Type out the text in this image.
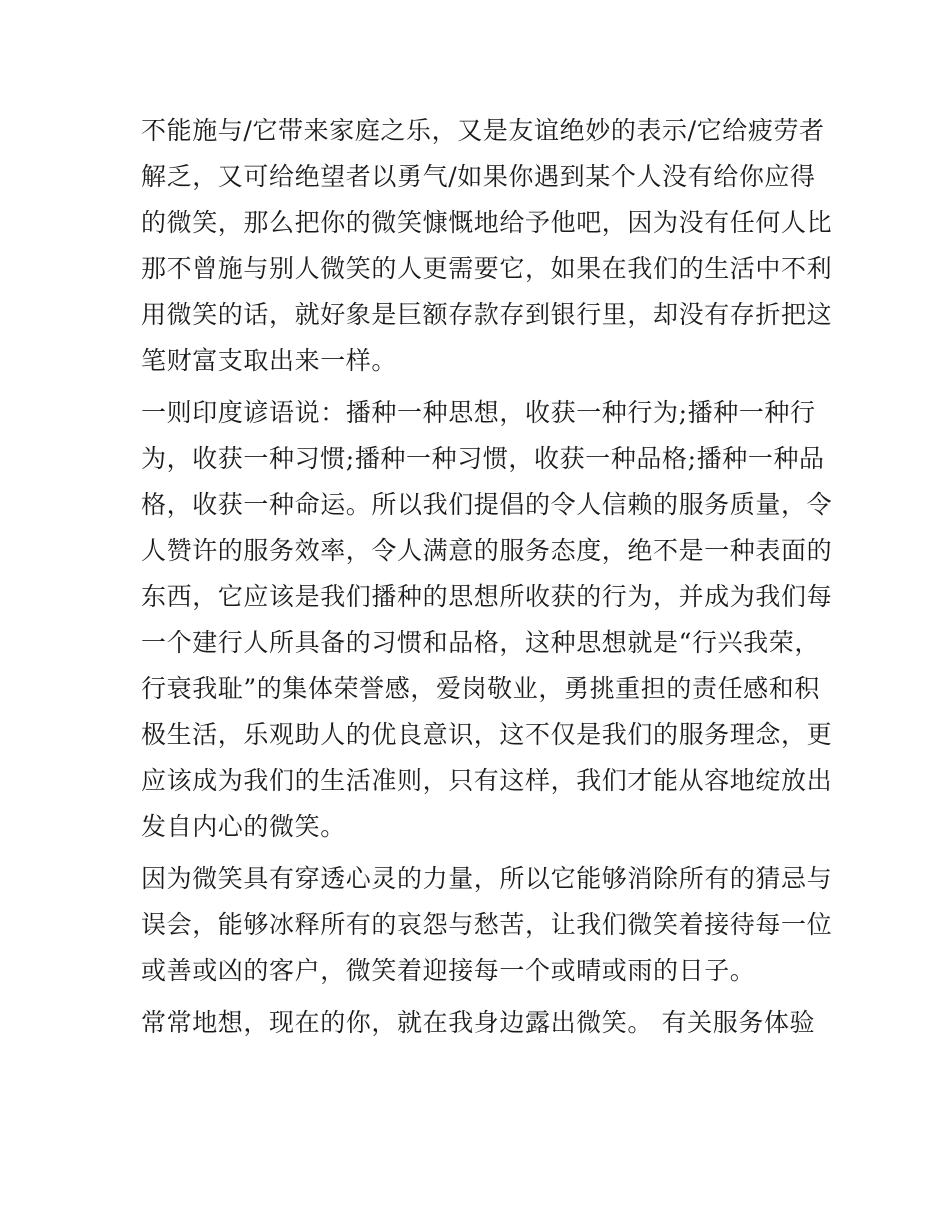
不能施与/它带来家庭之乐，又是友谊绝妙的表示/它给疲劳者
解乏，又可给绝望者以勇气/如果你遇到某个人没有给你应得
的微笑，那么把你的微笑慷慨地给予他吧，因为没有任何人比
那不曾施与别人微笑的人更需要它，如果在我们的生活中不利
用微笑的话，就好象是巨额存款存到银行里，却没有存折把这
笔财富支取出来一样。
一则印度谚语说：播种一种思想，收获一种行为;播种一种行
为，收获一种习惯;播种一种习惯，收获一种品格;播种一种品
格，收获一种命运。所以我们提倡的令人信赖的服务质量，令
人赞许的服务效率，令人满意的服务态度，绝不是一种表面的
东西，它应该是我们播种的思想所收获的行为，并成为我们每
一个建行人所具备的习惯和品格，这种思想就是“行兴我荣，
行衰我耻”的集体荣誉感，爱岗敬业，勇挑重担的责任感和积
极生活，乐观助人的优良意识，这不仅是我们的服务理念，更
应该成为我们的生活准则，只有这样，我们才能从容地绽放出
发自内心的微笑。
因为微笑具有穿透心灵的力量，所以它能够消除所有的猜忌与
误会，能够冰释所有的哀怨与愁苦，让我们微笑着接待每一位
或善或凶的客户，微笑着迎接每一个或晴或雨的日子。
常常地想，现在的你，就在我身边露出微笑。 有关服务体验
